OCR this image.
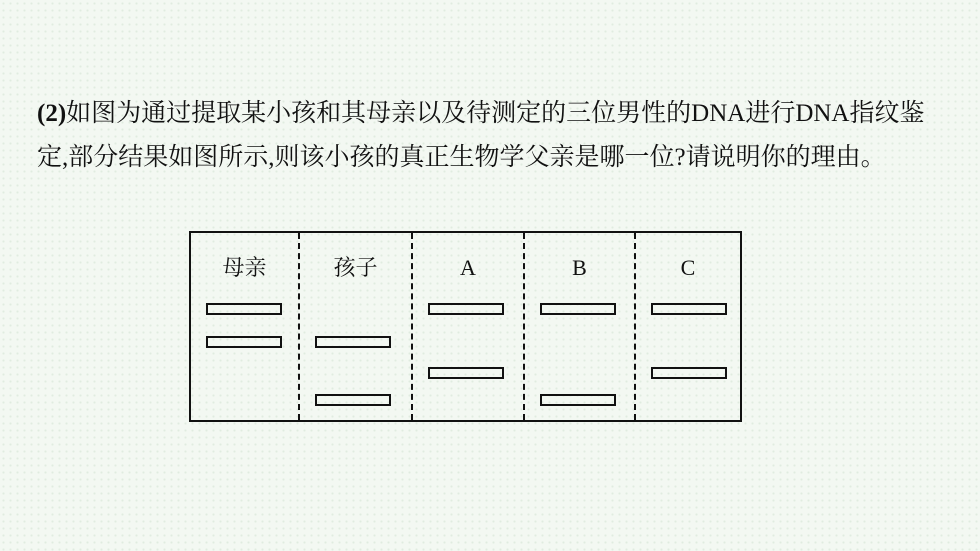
(2)如图为通过提取某小孩和其母亲以及待测定的三位男性的DNA进行DNA指纹鉴定,部分结果如图所示,则该小孩的真正生物学父亲是哪一位?请说明你的理由。

母亲	孩子	A	B	C
